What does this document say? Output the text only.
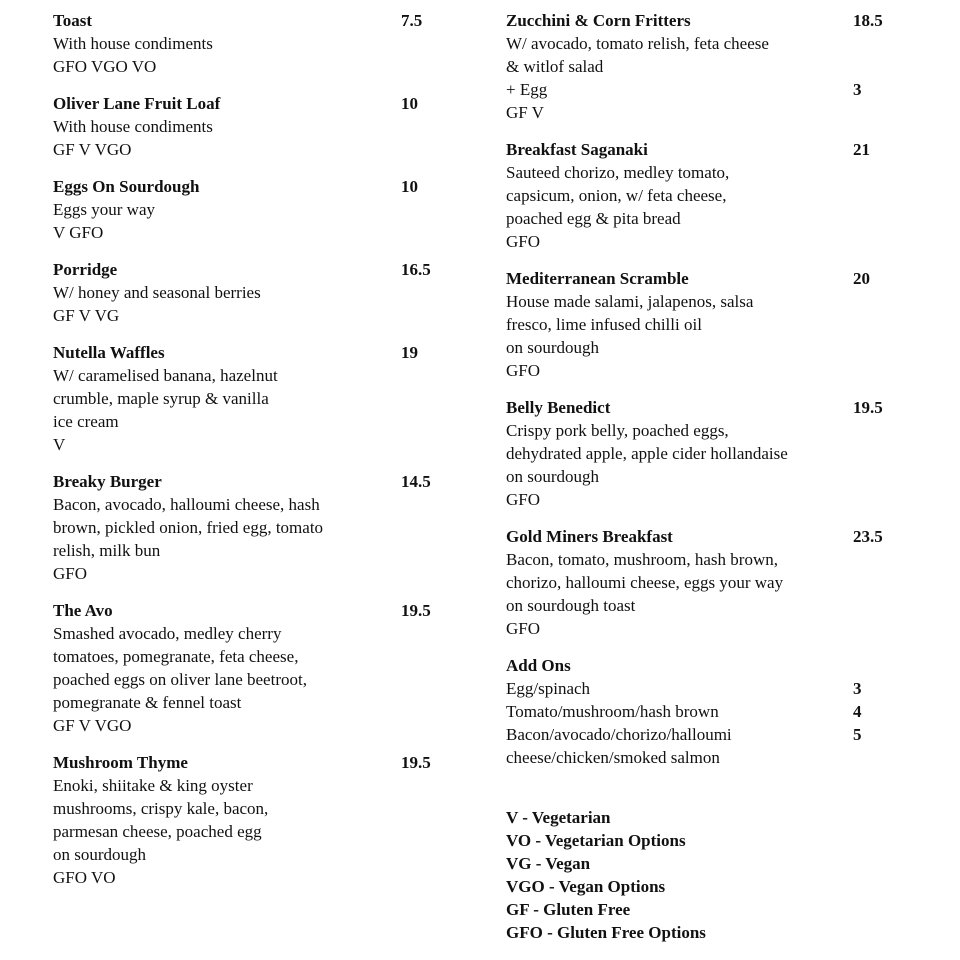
Toast	7.5
With house condiments
GFO VGO VO
Oliver Lane Fruit Loaf	10
With house condiments
GF V VGO
Eggs On Sourdough	10
Eggs your way
V GFO
Porridge	16.5
W/ honey and seasonal berries
GF V VG
Nutella Waffles	19
W/ caramelised banana, hazelnut
crumble, maple syrup & vanilla
ice cream
V
Breaky Burger	14.5
Bacon, avocado, halloumi cheese, hash
brown, pickled onion, fried egg, tomato
relish, milk bun
GFO
The Avo	19.5
Smashed avocado, medley cherry
tomatoes, pomegranate, feta cheese,
poached eggs on oliver lane beetroot,
pomegranate & fennel toast
GF V VGO
Mushroom Thyme	19.5
Enoki, shiitake & king oyster
mushrooms, crispy kale, bacon,
parmesan cheese, poached egg
on sourdough
GFO VO
Zucchini & Corn Fritters	18.5
W/ avocado, tomato relish, feta cheese
& witlof salad
+ Egg	3
GF V
Breakfast Saganaki	21
Sauteed chorizo, medley tomato,
capsicum, onion, w/ feta cheese,
poached egg & pita bread
GFO
Mediterranean Scramble	20
House made salami, jalapenos, salsa
fresco, lime infused chilli oil
on sourdough
GFO
Belly Benedict	19.5
Crispy pork belly, poached eggs,
dehydrated apple, apple cider hollandaise
on sourdough
GFO
Gold Miners Breakfast	23.5
Bacon, tomato, mushroom, hash brown,
chorizo, halloumi cheese, eggs your way
on sourdough toast
GFO
Add Ons
Egg/spinach	3
Tomato/mushroom/hash brown	4
Bacon/avocado/chorizo/halloumi	5
cheese/chicken/smoked salmon
V - Vegetarian
VO - Vegetarian Options
VG - Vegan
VGO - Vegan Options
GF - Gluten Free
GFO - Gluten Free Options
